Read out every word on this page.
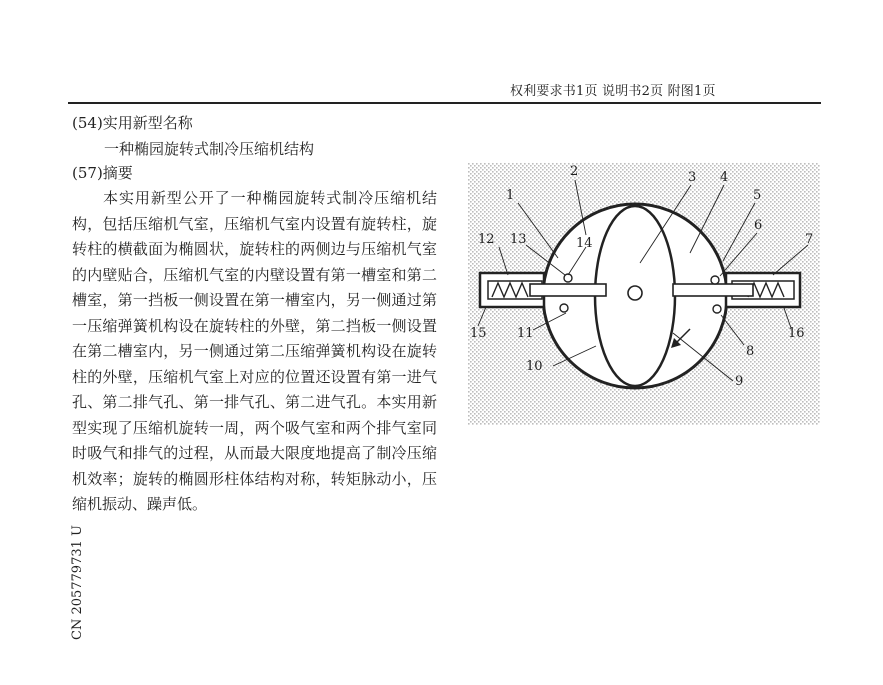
权利要求书1页 说明书2页 附图1页
(54)实用新型名称
一种椭园旋转式制冷压缩机结构
(57)摘要
本实用新型公开了一种椭园旋转式制冷压缩机结构，包括压缩机气室，压缩机气室内设置有旋转柱，旋转柱的横截面为椭圆状，旋转柱的两侧边与压缩机气室的内壁贴合，压缩机气室的内壁设置有第一槽室和第二槽室，第一挡板一侧设置在第一槽室内，另一侧通过第一压缩弹簧机构设在旋转柱的外壁，第二挡板一侧设置在第二槽室内，另一侧通过第二压缩弹簧机构设在旋转柱的外壁，压缩机气室上对应的位置还设置有第一进气孔、第二排气孔、第一排气孔、第二进气孔。本实用新型实现了压缩机旋转一周，两个吸气室和两个排气室同时吸气和排气的过程，从而最大限度地提高了制冷压缩机效率；旋转的椭圆形柱体结构对称，转矩脉动小，压缩机振动、躁声低。
CN 205779731 U
1
2	3 4
5
6
7
8
9
10
11
12 13	14
15	16
